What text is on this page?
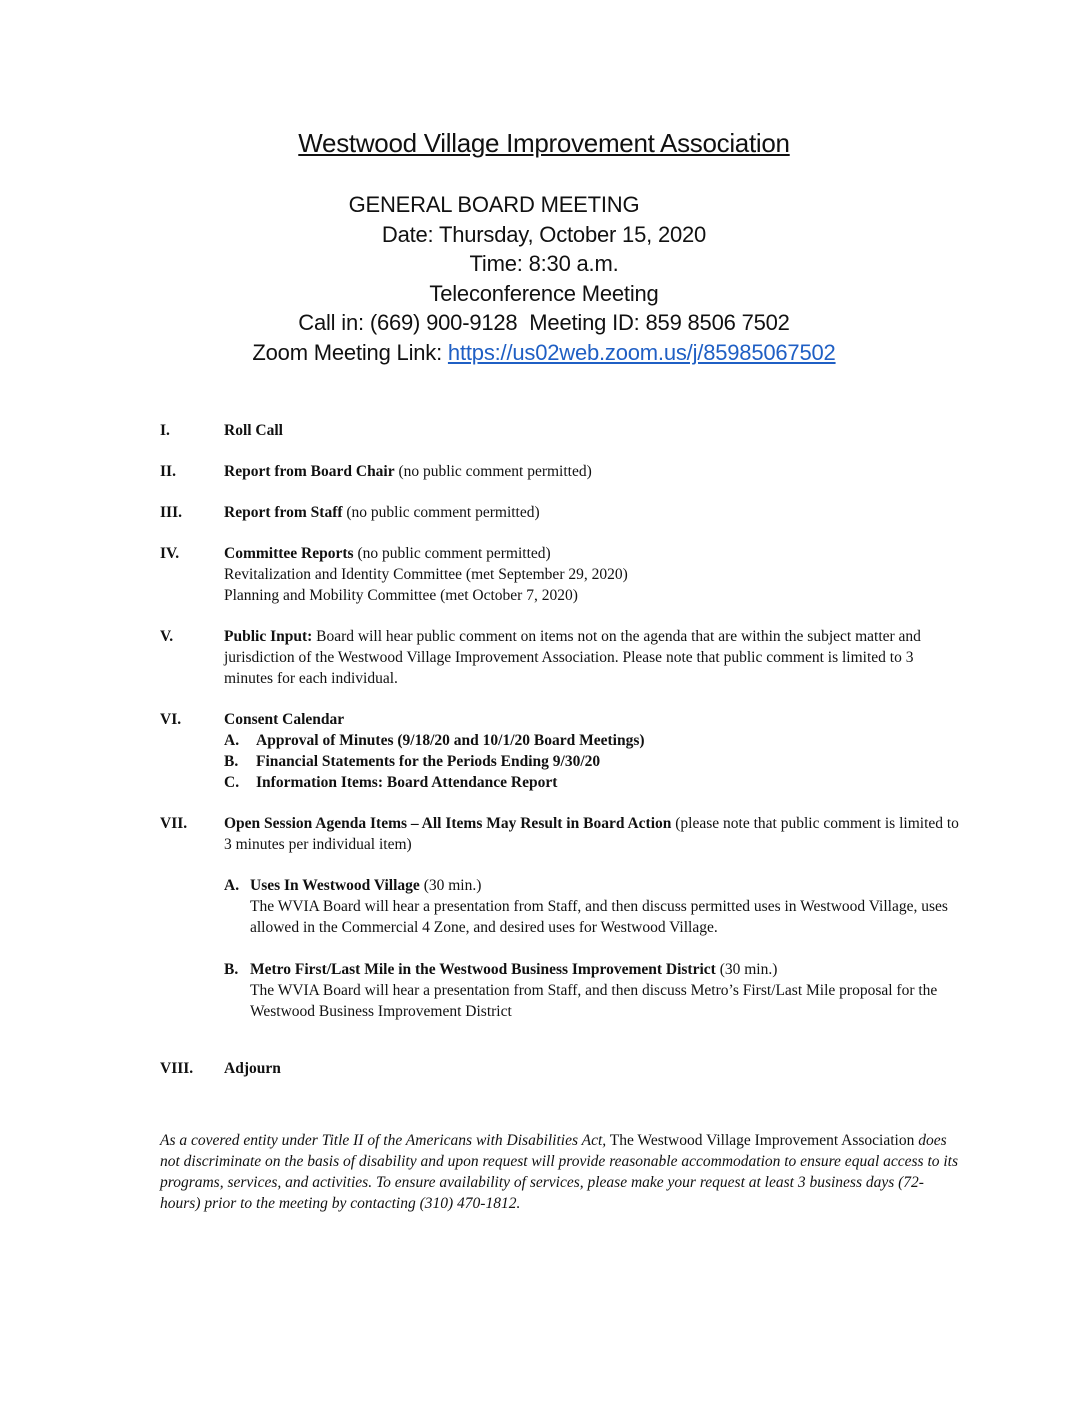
Westwood Village Improvement Association
GENERAL BOARD MEETING
Date: Thursday, October 15, 2020
Time: 8:30 a.m.
Teleconference Meeting
Call in: (669) 900-9128  Meeting ID: 859 8506 7502
Zoom Meeting Link: https://us02web.zoom.us/j/85985067502
I.	Roll Call
II.	Report from Board Chair (no public comment permitted)
III.	Report from Staff (no public comment permitted)
IV.	Committee Reports (no public comment permitted)
Revitalization and Identity Committee (met September 29, 2020)
Planning and Mobility Committee (met October 7, 2020)
V.	Public Input: Board will hear public comment on items not on the agenda that are within the subject matter and jurisdiction of the Westwood Village Improvement Association. Please note that public comment is limited to 3 minutes for each individual.
VI.	Consent Calendar
A.	Approval of Minutes (9/18/20 and 10/1/20 Board Meetings)
B.	Financial Statements for the Periods Ending 9/30/20
C.	Information Items: Board Attendance Report
VII.	Open Session Agenda Items – All Items May Result in Board Action (please note that public comment is limited to 3 minutes per individual item)
A. Uses In Westwood Village (30 min.)
The WVIA Board will hear a presentation from Staff, and then discuss permitted uses in Westwood Village, uses allowed in the Commercial 4 Zone, and desired uses for Westwood Village.
B. Metro First/Last Mile in the Westwood Business Improvement District (30 min.)
The WVIA Board will hear a presentation from Staff, and then discuss Metro’s First/Last Mile proposal for the Westwood Business Improvement District
VIII.	Adjourn
As a covered entity under Title II of the Americans with Disabilities Act, The Westwood Village Improvement Association does not discriminate on the basis of disability and upon request will provide reasonable accommodation to ensure equal access to its programs, services, and activities. To ensure availability of services, please make your request at least 3 business days (72-hours) prior to the meeting by contacting (310) 470-1812.
